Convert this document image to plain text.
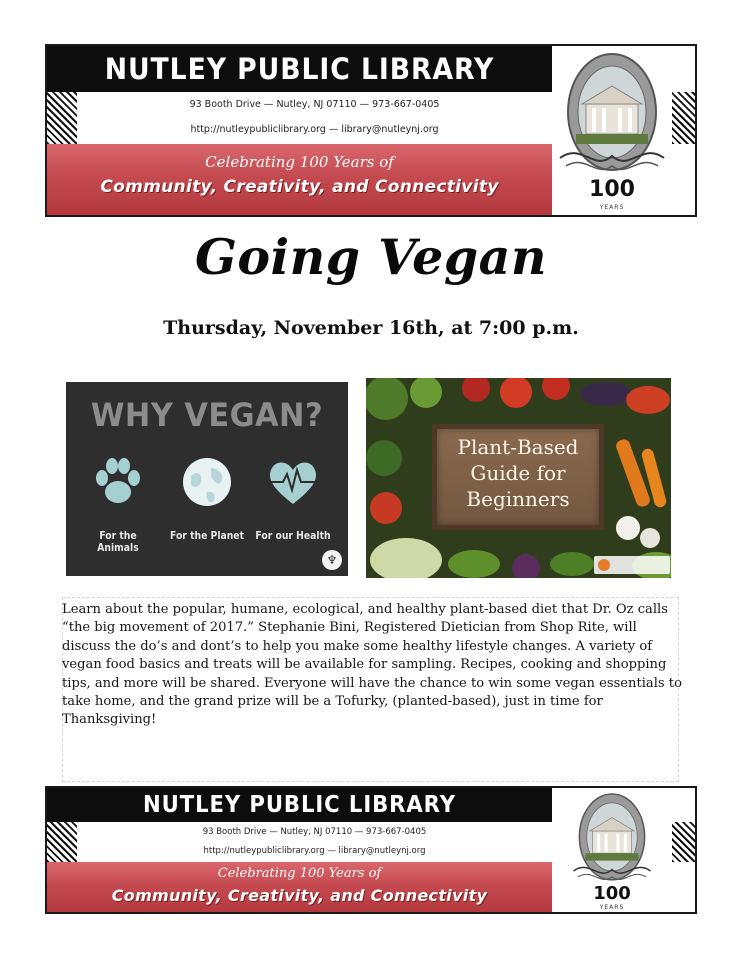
NUTLEY PUBLIC LIBRARY
93 Booth Drive — Nutley, NJ 07110 — 973-667-0405
http://nutleypubliclibrary.org — library@nutleynj.org
Celebrating 100 Years of
Community, Creativity, and Connectivity	100
YEARS
Going Vegan
Thursday, November 16th, at 7:00 p.m.
WHY VEGAN?
For the Animals
For the Planet For our Health
♆
Plant-Based
Guide for
Beginners
Learn about the popular, humane, ecological, and healthy plant-based diet that Dr. Oz calls “the big movement of 2017.” Stephanie Bini, Registered Dietician from Shop Rite, will discuss the do’s and dont’s to help you make some healthy lifestyle changes. A variety of vegan food basics and treats will be available for sampling. Recipes, cooking and shopping tips, and more will be shared. Everyone will have the chance to win some vegan essentials to take home, and the grand prize will be a Tofurky, (planted-based), just in time for Thanksgiving!
NUTLEY PUBLIC LIBRARY
93 Booth Drive — Nutley, NJ 07110 — 973-667-0405
http://nutleypubliclibrary.org — library@nutleynj.org
Celebrating 100 Years of
Community, Creativity, and Connectivity	100
YEARS
